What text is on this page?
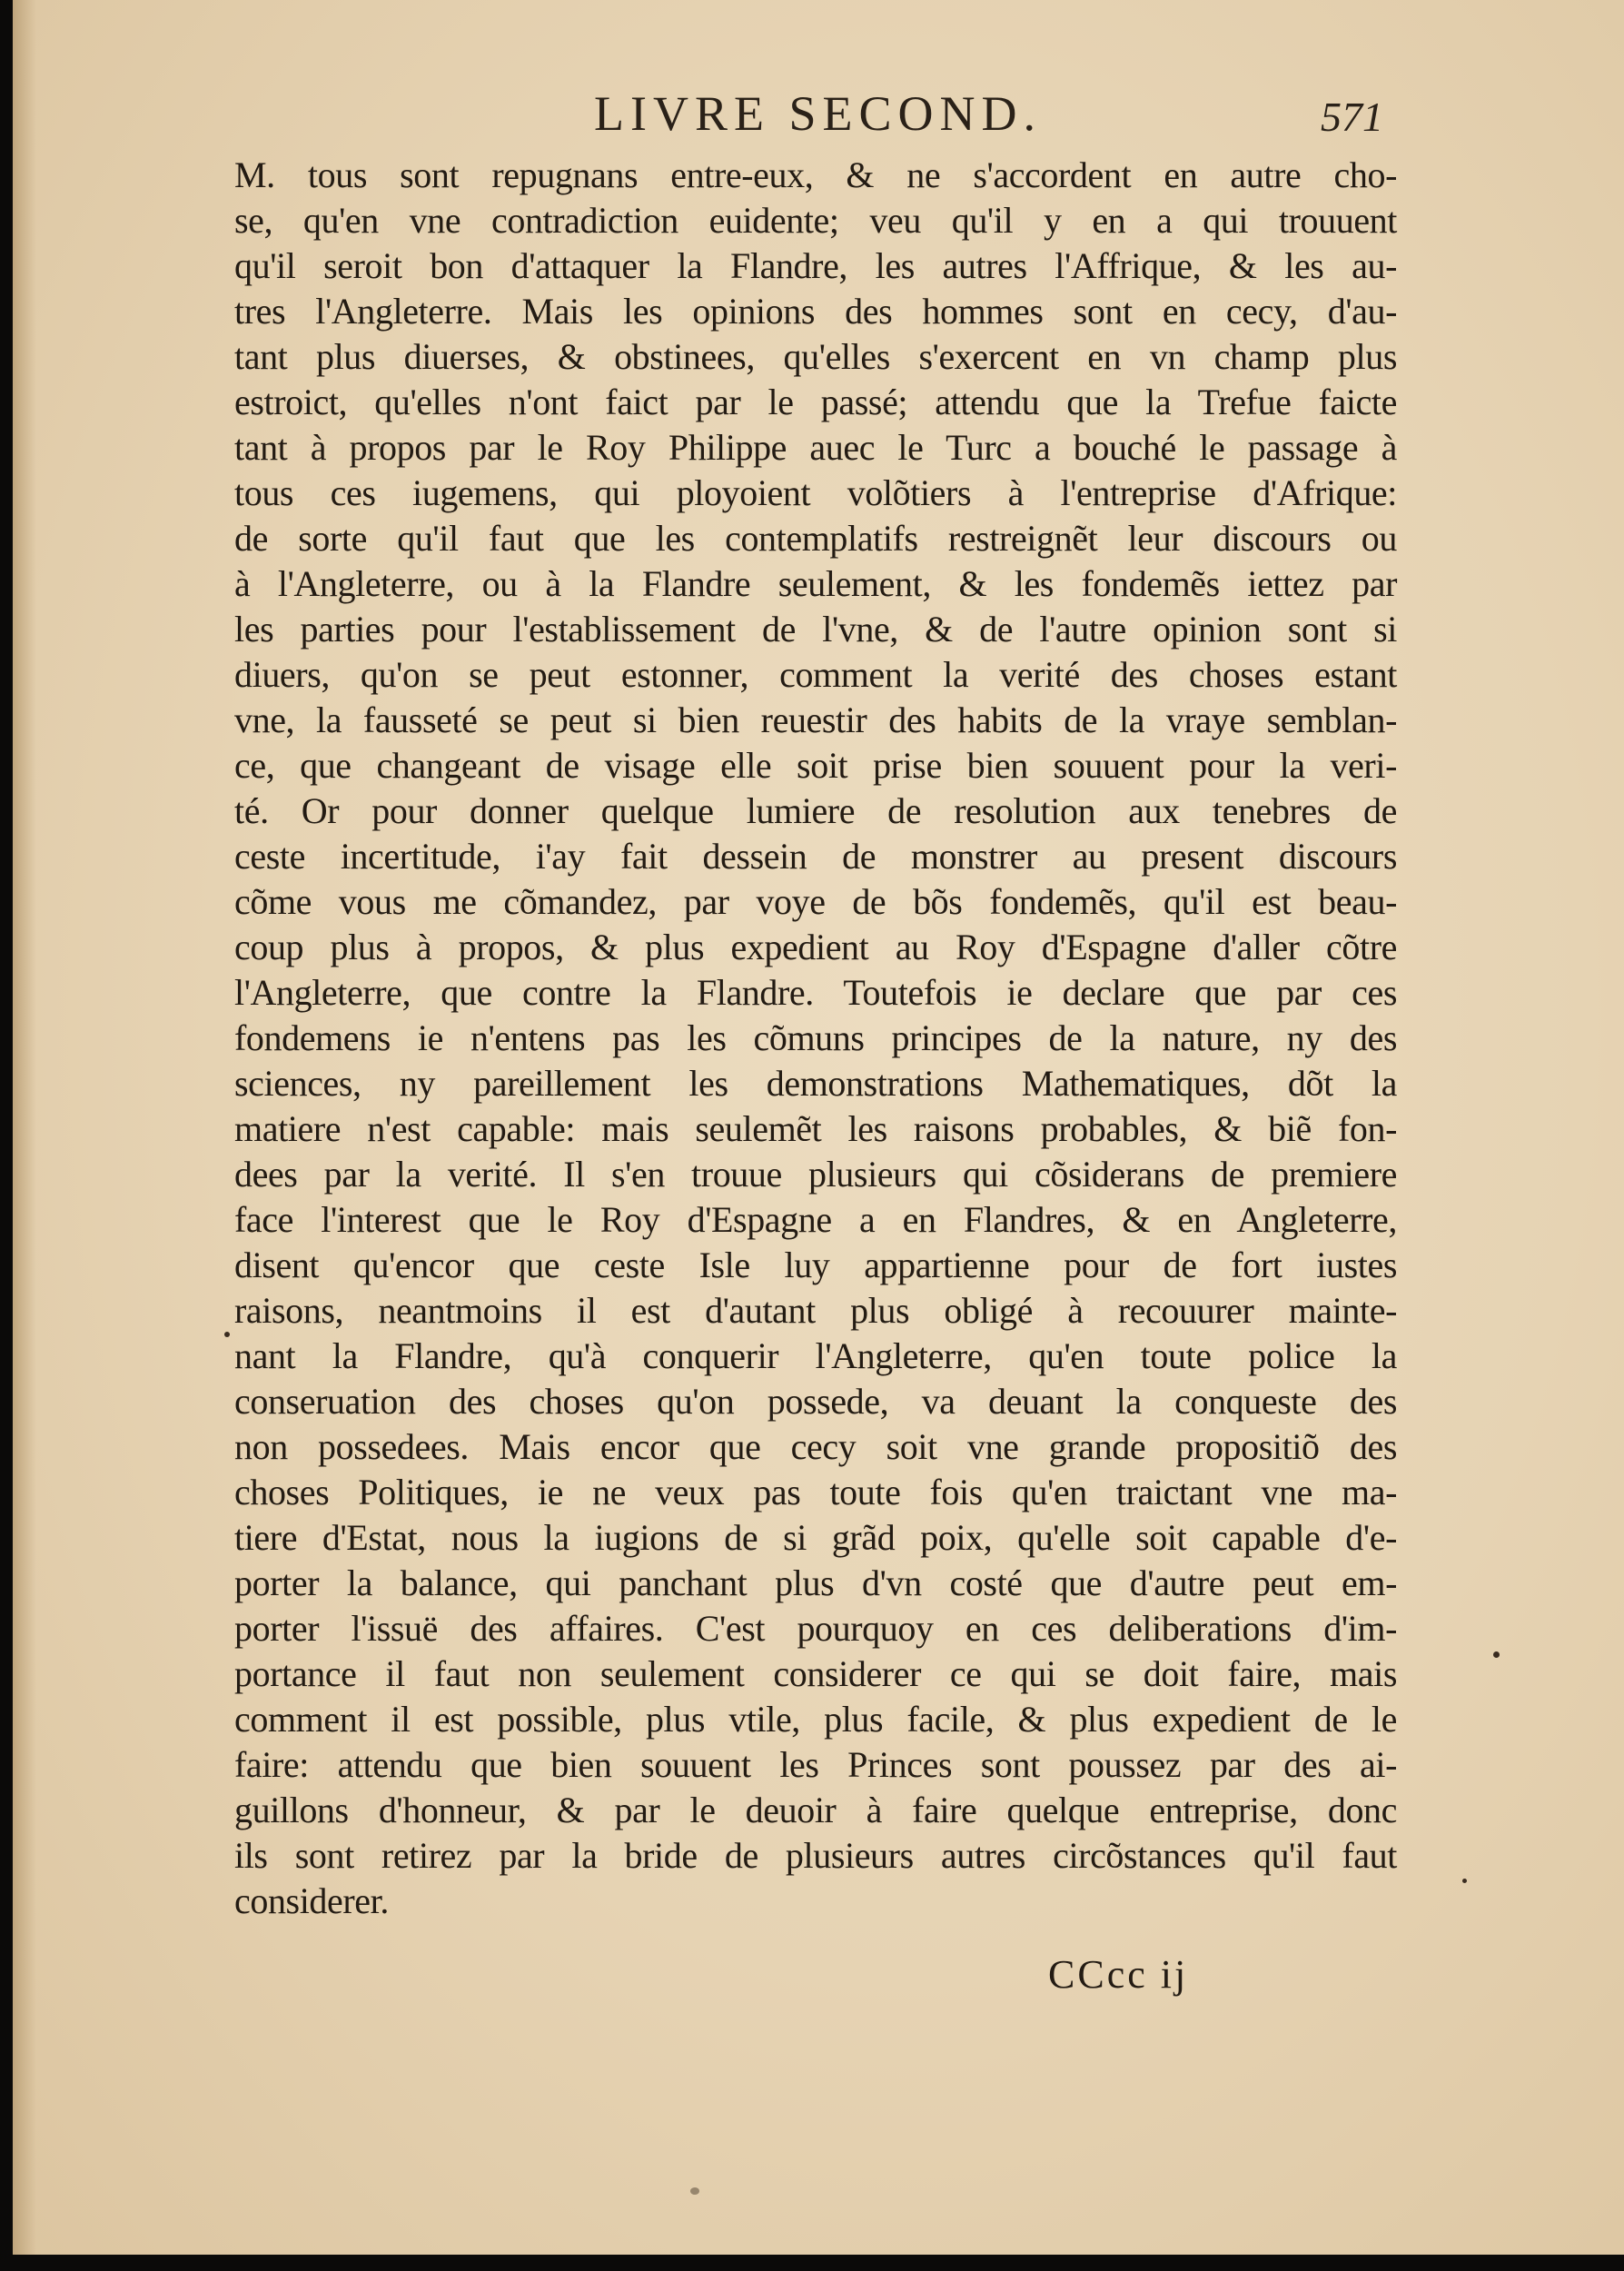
LIVRE SECOND.	571
M. tous sont repugnans entre-eux, & ne s'accordent en autre cho-
se, qu'en vne contradiction euidente; veu qu'il y en a qui trouuent
qu'il seroit bon d'attaquer la Flandre, les autres l'Affrique, & les au-
tres l'Angleterre. Mais les opinions des hommes sont en cecy, d'au-
tant plus diuerses, & obstinees, qu'elles s'exercent en vn champ plus
estroict, qu'elles n'ont faict par le passé; attendu que la Trefue faicte
tant à propos par le Roy Philippe auec le Turc a bouché le passage à
tous ces iugemens, qui ployoient volõtiers à l'entreprise d'Afrique:
de sorte qu'il faut que les contemplatifs restreignẽt leur discours ou
à l'Angleterre, ou à la Flandre seulement, & les fondemẽs iettez par
les parties pour l'establissement de l'vne, & de l'autre opinion sont si
diuers, qu'on se peut estonner, comment la verité des choses estant
vne, la fausseté se peut si bien reuestir des habits de la vraye semblan-
ce, que changeant de visage elle soit prise bien souuent pour la veri-
té. Or pour donner quelque lumiere de resolution aux tenebres de
ceste incertitude, i'ay fait dessein de monstrer au present discours
cõme vous me cõmandez, par voye de bõs fondemẽs, qu'il est beau-
coup plus à propos, & plus expedient au Roy d'Espagne d'aller cõtre
l'Angleterre, que contre la Flandre. Toutefois ie declare que par ces
fondemens ie n'entens pas les cõmuns principes de la nature, ny des
sciences, ny pareillement les demonstrations Mathematiques, dõt la
matiere n'est capable: mais seulemẽt les raisons probables, & biẽ fon-
dees par la verité. Il s'en trouue plusieurs qui cõsiderans de premiere
face l'interest que le Roy d'Espagne a en Flandres, & en Angleterre,
disent qu'encor que ceste Isle luy appartienne pour de fort iustes
raisons, neantmoins il est d'autant plus obligé à recouurer mainte-
nant la Flandre, qu'à conquerir l'Angleterre, qu'en toute police la
conseruation des choses qu'on possede, va deuant la conqueste des
non possedees. Mais encor que cecy soit vne grande propositiõ des
choses Politiques, ie ne veux pas toute fois qu'en traictant vne ma-
tiere d'Estat, nous la iugions de si grãd poix, qu'elle soit capable d'e-
porter la balance, qui panchant plus d'vn costé que d'autre peut em-
porter l'issuë des affaires. C'est pourquoy en ces deliberations d'im-
portance il faut non seulement considerer ce qui se doit faire, mais
comment il est possible, plus vtile, plus facile, & plus expedient de le
faire: attendu que bien souuent les Princes sont poussez par des ai-
guillons d'honneur, & par le deuoir à faire quelque entreprise, donc
ils sont retirez par la bride de plusieurs autres circõstances qu'il faut
considerer.
CCcc ij
